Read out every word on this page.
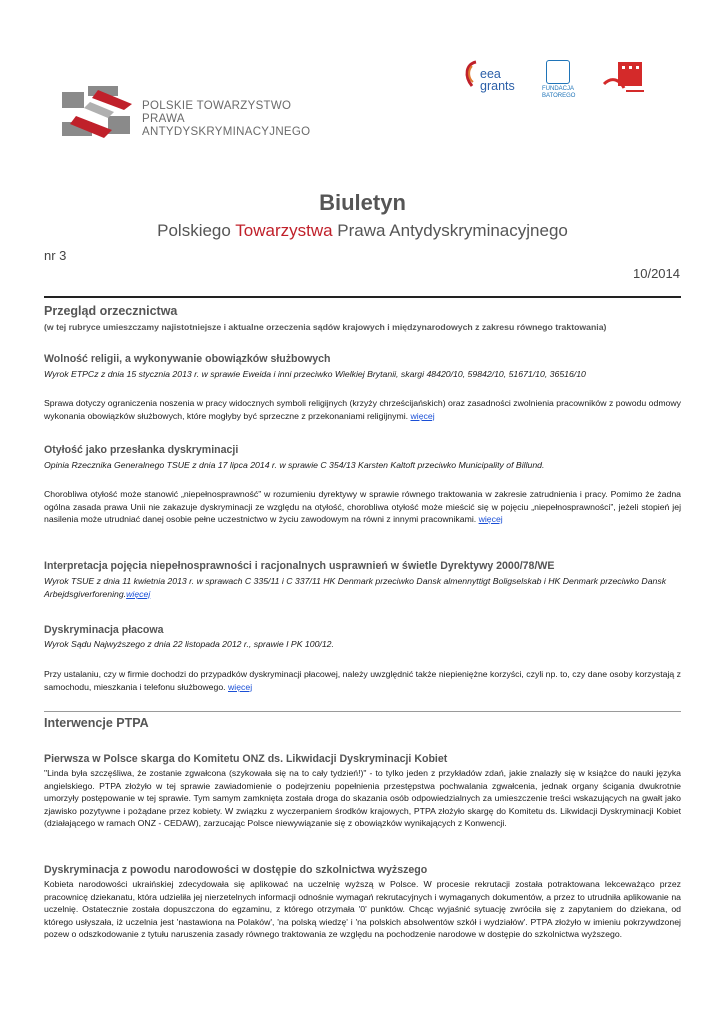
POLSKIE TOWARZYSTWO
PRAWA ANTYDYSKRYMINACYJNEGO
eea
grants	FUNDACJA
BATOREGO
Biuletyn
Polskiego Towarzystwa Prawa Antydyskryminacyjnego
nr 3
10/2014
Przegląd orzecznictwa
(w tej rubryce umieszczamy najistotniejsze i aktualne orzeczenia sądów krajowych i międzynarodowych z zakresu równego traktowania)
Wolność religii, a wykonywanie obowiązków służbowych
Wyrok ETPCz z dnia 15 stycznia 2013 r. w sprawie Eweida i inni przeciwko Wielkiej Brytanii, skargi 48420/10, 59842/10, 51671/10, 36516/10
Sprawa dotyczy ograniczenia noszenia w pracy widocznych symboli religijnych (krzyży chrześcijańskich) oraz zasadności zwolnienia pracowników z powodu odmowy wykonania obowiązków służbowych, które mogłyby być sprzeczne z przekonaniami religijnymi. więcej
Otyłość jako przesłanka dyskryminacji
Opinia Rzecznika Generalnego TSUE z dnia 17 lipca 2014 r. w sprawie C 354/13 Karsten Kaltoft przeciwko Municipality of Billund.
Chorobliwa otyłość może stanowić „niepełnosprawność” w rozumieniu dyrektywy w sprawie równego traktowania w zakresie zatrudnienia i pracy. Pomimo że żadna ogólna zasada prawa Unii nie zakazuje dyskryminacji ze względu na otyłość, chorobliwa otyłość może mieścić się w pojęciu „niepełnosprawności”, jeżeli stopień jej nasilenia może utrudniać danej osobie pełne uczestnictwo w życiu zawodowym na równi z innymi pracownikami. więcej
Interpretacja pojęcia niepełnosprawności i racjonalnych usprawnień w świetle Dyrektywy 2000/78/WE
Wyrok TSUE z dnia 11 kwietnia 2013 r. w sprawach C 335/11 i C 337/11 HK Denmark przeciwko Dansk almennyttigt Boligselskab i HK Denmark przeciwko Dansk Arbejdsgiverforening.więcej
Dyskryminacja płacowa
Wyrok Sądu Najwyższego z dnia 22 listopada 2012 r., sprawie I PK 100/12.
Przy ustalaniu, czy w firmie dochodzi do przypadków dyskryminacji płacowej, należy uwzględnić także niepieniężne korzyści, czyli np. to, czy dane osoby korzystają z samochodu, mieszkania i telefonu służbowego. więcej
Interwencje PTPA
Pierwsza w Polsce skarga do Komitetu ONZ ds. Likwidacji Dyskryminacji Kobiet
"Linda była szczęśliwa, że zostanie zgwałcona (szykowała się na to cały tydzień!)" - to tylko jeden z przykładów zdań, jakie znalazły się w książce do nauki języka angielskiego. PTPA złożyło w tej sprawie zawiadomienie o podejrzeniu popełnienia przestępstwa pochwalania zgwałcenia, jednak organy ścigania dwukrotnie umorzyły postępowanie w tej sprawie. Tym samym zamknięta została droga do skazania osób odpowiedzialnych za umieszczenie treści wskazujących na gwałt jako zjawisko pozytywne i pożądane przez kobiety. W związku z wyczerpaniem środków krajowych, PTPA złożyło skargę do Komitetu ds. Likwidacji Dyskryminacji Kobiet (działającego w ramach ONZ - CEDAW), zarzucając Polsce niewywiązanie się z obowiązków wynikających z Konwencji.
Dyskryminacja z powodu narodowości w dostępie do szkolnictwa wyższego
Kobieta narodowości ukraińskiej zdecydowała się aplikować na uczelnię wyższą w Polsce. W procesie rekrutacji została potraktowana lekceważąco przez pracownicę dziekanatu, która udzieliła jej nierzetelnych informacji odnośnie wymagań rekrutacyjnych i wymaganych dokumentów, a przez to utrudniła aplikowanie na uczelnię. Ostatecznie została dopuszczona do egzaminu, z którego otrzymała '0' punktów. Chcąc wyjaśnić sytuację zwróciła się z zapytaniem do dziekana, od którego usłyszała, iż uczelnia jest 'nastawiona na Polaków', 'na polską wiedzę' i 'na polskich absolwentów szkół i wydziałów'. PTPA złożyło w imieniu pokrzywdzonej pozew o odszkodowanie z tytułu naruszenia zasady równego traktowania ze względu na pochodzenie narodowe w dostępie do szkolnictwa wyższego.
